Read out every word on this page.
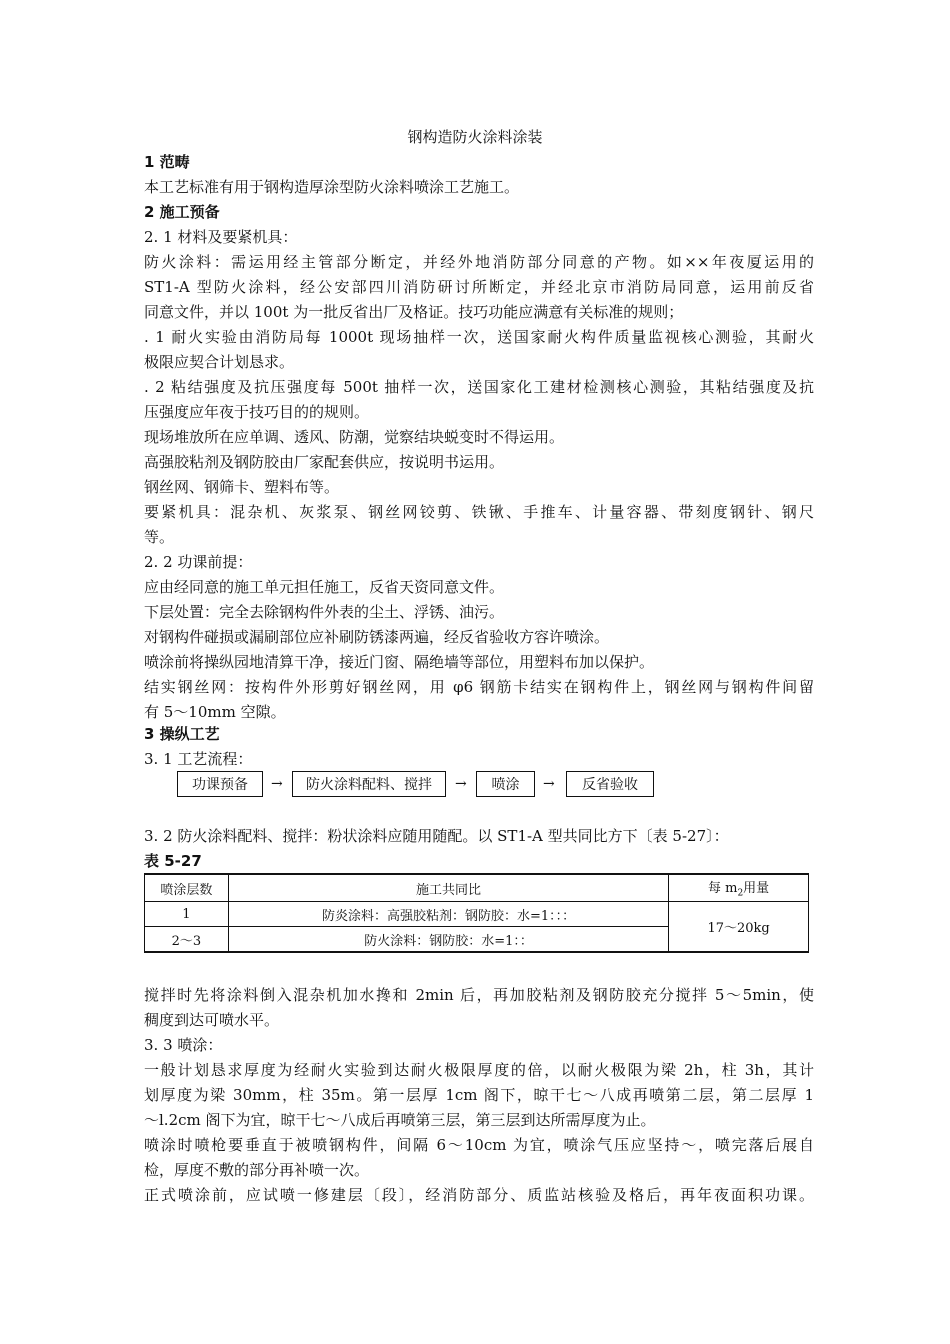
钢构造防火涂料涂装
1 范畴
本工艺标准有用于钢构造厚涂型防火涂料喷涂工艺施工。
2 施工预备
2. 1 材料及要紧机具：
防火涂料：需运用经主管部分断定，并经外地消防部分同意的产物。如××年夜厦运用的
ST1-A 型防火涂料，经公安部四川消防研讨所断定，并经北京市消防局同意，运用前反省
同意文件，并以 100t 为一批反省出厂及格证。技巧功能应满意有关标准的规则；
. 1 耐火实验由消防局每 1000t 现场抽样一次，送国家耐火构件质量监视核心测验，其耐火
极限应契合计划恳求。
. 2 粘结强度及抗压强度每 500t 抽样一次，送国家化工建材检测核心测验，其粘结强度及抗
压强度应年夜于技巧目的的规则。
现场堆放所在应单调、透风、防潮，觉察结块蜕变时不得运用。
高强胶粘剂及钢防胶由厂家配套供应，按说明书运用。
钢丝网、钢筛卡、塑料布等。
要紧机具：混杂机、灰浆泵、钢丝网铰剪、铁锹、手推车、计量容器、带刻度钢针、钢尺
等。
2. 2 功课前提：
应由经同意的施工单元担任施工，反省天资同意文件。
下层处置：完全去除钢构件外表的尘土、浮锈、油污。
对钢构件碰损或漏刷部位应补刷防锈漆两遍，经反省验收方容许喷涂。
喷涂前将操纵园地清算干净，接近门窗、隔绝墙等部位，用塑料布加以保护。
结实钢丝网：按构件外形剪好钢丝网，用 φ6 钢筋卡结实在钢构件上，钢丝网与钢构件间留
有 5～10mm 空隙。
3 操纵工艺
3. 1 工艺流程：
功课预备	→	防火涂料配料、搅拌	→	喷涂	→	反省验收
3. 2 防火涂料配料、搅拌：粉状涂料应随用随配。以 ST1-A 型共同比方下〔表 5-27〕：
表 5-27
喷涂层数	施工共同比	每 $m_2$用量
1	防炎涂料：高强胶粘剂：钢防胶：水=1：：：	17～20kg
2～3	防火涂料：钢防胶：水=1：：	
搅拌时先将涂料倒入混杂机加水搀和 2min 后，再加胶粘剂及钢防胶充分搅拌 5～5min，使
稠度到达可喷水平。
3. 3 喷涂：
一般计划恳求厚度为经耐火实验到达耐火极限厚度的倍，以耐火极限为梁 2h，柱 3h，其计
划厚度为梁 30mm，柱 35m。第一层厚 1cm 阁下，晾干七～八成再喷第二层，第二层厚 1
～l.2cm 阁下为宜，晾干七～八成后再喷第三层，第三层到达所需厚度为止。
喷涂时喷枪要垂直于被喷钢构件，间隔 6～10cm 为宜，喷涂气压应坚持～，喷完落后展自
检，厚度不敷的部分再补喷一次。
正式喷涂前，应试喷一修建层〔段〕，经消防部分、质监站核验及格后，再年夜面积功课。
